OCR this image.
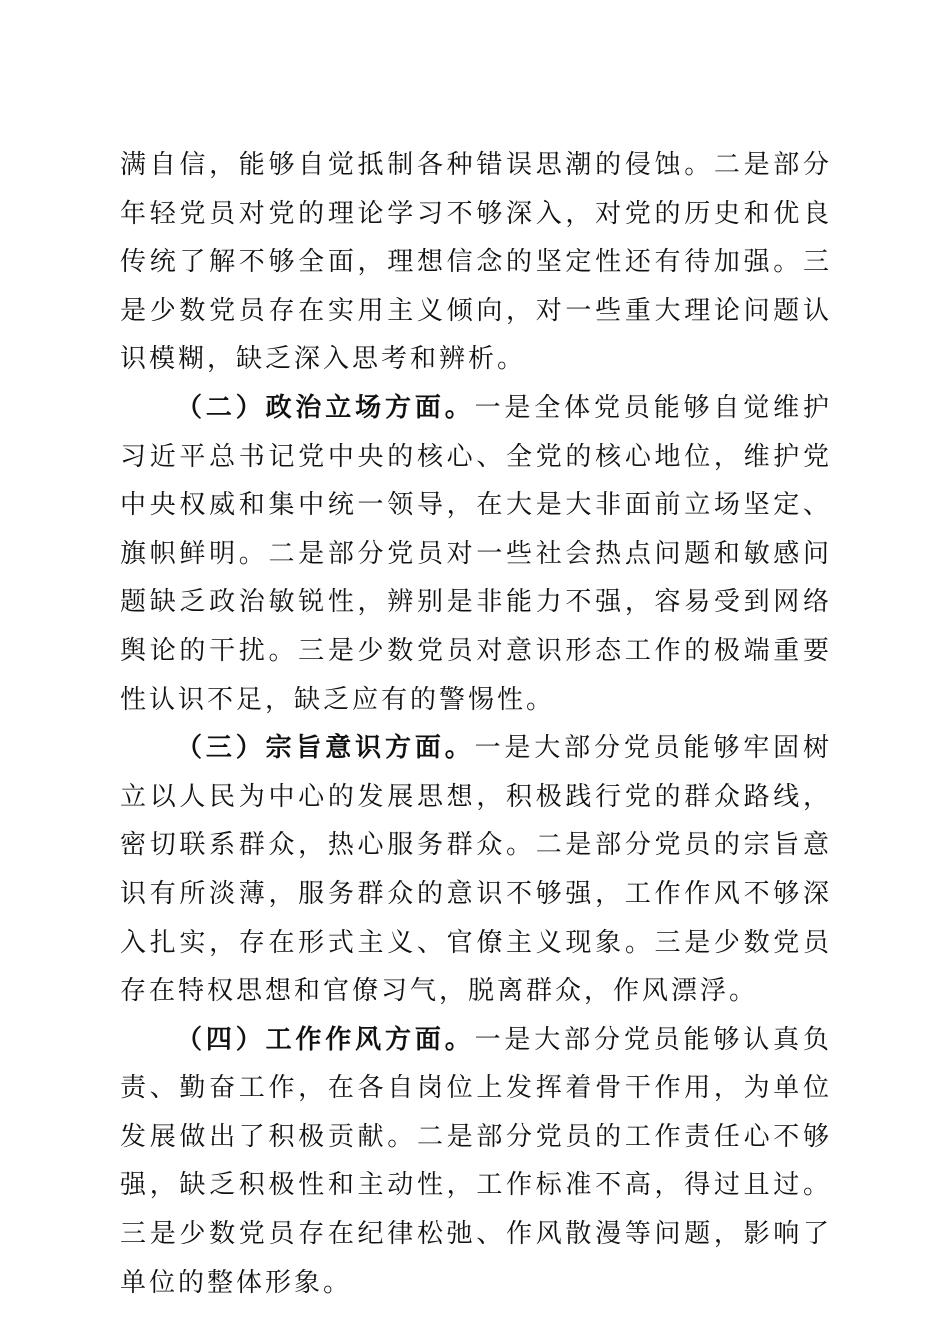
满自信，能够自觉抵制各种错误思潮的侵蚀。二是部分年轻党员对党的理论学习不够深入，对党的历史和优良传统了解不够全面，理想信念的坚定性还有待加强。三是少数党员存在实用主义倾向，对一些重大理论问题认识模糊，缺乏深入思考和辨析。

（二）政治立场方面。一是全体党员能够自觉维护习近平总书记党中央的核心、全党的核心地位，维护党中央权威和集中统一领导，在大是大非面前立场坚定、旗帜鲜明。二是部分党员对一些社会热点问题和敏感问题缺乏政治敏锐性，辨别是非能力不强，容易受到网络舆论的干扰。三是少数党员对意识形态工作的极端重要性认识不足，缺乏应有的警惕性。

（三）宗旨意识方面。一是大部分党员能够牢固树立以人民为中心的发展思想，积极践行党的群众路线，密切联系群众，热心服务群众。二是部分党员的宗旨意识有所淡薄，服务群众的意识不够强，工作作风不够深入扎实，存在形式主义、官僚主义现象。三是少数党员存在特权思想和官僚习气，脱离群众，作风漂浮。

（四）工作作风方面。一是大部分党员能够认真负责、勤奋工作，在各自岗位上发挥着骨干作用，为单位发展做出了积极贡献。二是部分党员的工作责任心不够强，缺乏积极性和主动性，工作标准不高，得过且过。三是少数党员存在纪律松弛、作风散漫等问题，影响了单位的整体形象。
